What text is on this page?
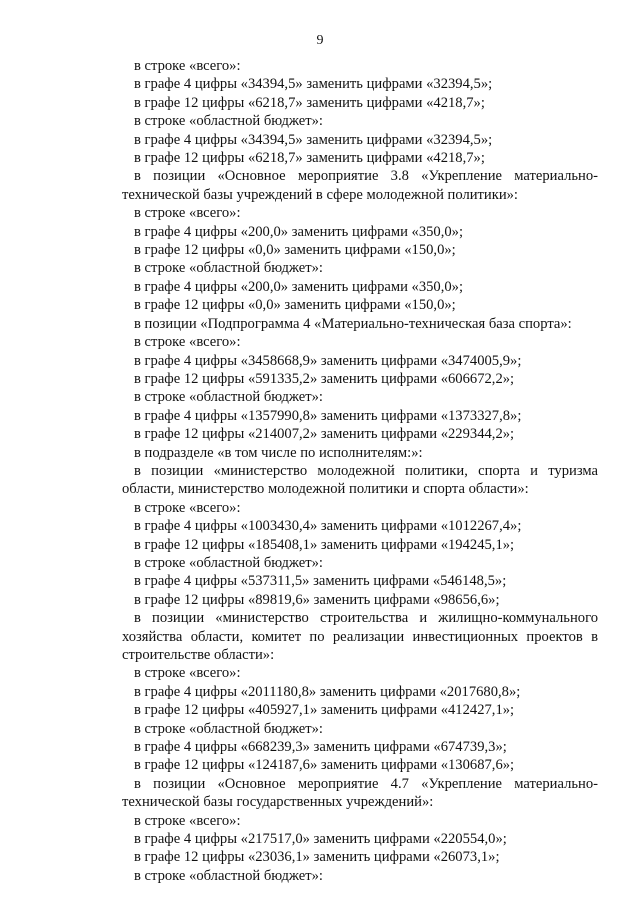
9

в строке «всего»:

в графе 4 цифры «34394,5» заменить цифрами «32394,5»;

в графе 12 цифры «6218,7» заменить цифрами «4218,7»;

в строке «областной бюджет»:

в графе 4 цифры «34394,5» заменить цифрами «32394,5»;

в графе 12 цифры «6218,7» заменить цифрами «4218,7»;

в позиции «Основное мероприятие 3.8 «Укрепление материально-технической базы учреждений в сфере молодежной политики»:

в строке «всего»:

в графе 4 цифры «200,0» заменить цифрами «350,0»;

в графе 12 цифры «0,0» заменить цифрами «150,0»;

в строке «областной бюджет»:

в графе 4 цифры «200,0» заменить цифрами «350,0»;

в графе 12 цифры «0,0» заменить цифрами «150,0»;

в позиции «Подпрограмма 4 «Материально-техническая база спорта»:

в строке «всего»:

в графе 4 цифры «3458668,9» заменить цифрами «3474005,9»;

в графе 12 цифры «591335,2» заменить цифрами «606672,2»;

в строке «областной бюджет»:

в графе 4 цифры «1357990,8» заменить цифрами «1373327,8»;

в графе 12 цифры «214007,2» заменить цифрами «229344,2»;

в подразделе «в том числе по исполнителям:»:

в позиции «министерство молодежной политики, спорта и туризма области, министерство молодежной политики и спорта области»:

в строке «всего»:

в графе 4 цифры «1003430,4» заменить цифрами «1012267,4»;

в графе 12 цифры «185408,1» заменить цифрами «194245,1»;

в строке «областной бюджет»:

в графе 4 цифры «537311,5» заменить цифрами «546148,5»;

в графе 12 цифры «89819,6» заменить цифрами «98656,6»;

в позиции «министерство строительства и жилищно-коммунального хозяйства области, комитет по реализации инвестиционных проектов в строительстве области»:

в строке «всего»:

в графе 4 цифры «2011180,8» заменить цифрами «2017680,8»;

в графе 12 цифры «405927,1» заменить цифрами «412427,1»;

в строке «областной бюджет»:

в графе 4 цифры «668239,3» заменить цифрами «674739,3»;

в графе 12 цифры «124187,6» заменить цифрами «130687,6»;

в позиции «Основное мероприятие 4.7 «Укрепление материально-технической базы государственных учреждений»:

в строке «всего»:

в графе 4 цифры «217517,0» заменить цифрами «220554,0»;

в графе 12 цифры «23036,1» заменить цифрами «26073,1»;

в строке «областной бюджет»:
